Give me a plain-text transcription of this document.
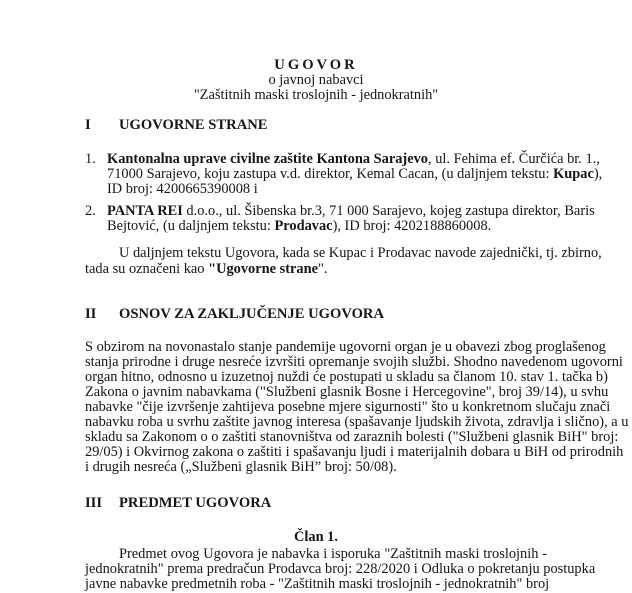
UGOVOR
o javnoj nabavci
"Zaštitnih maski troslojnih - jednokratnih"
I UGOVORNE STRANE
1. Kantonalna uprave civilne zaštite Kantona Sarajevo, ul. Fehima ef. Čurčića br. 1.,
71000 Sarajevo, koju zastupa v.d. direktor, Kemal Cacan, (u daljnjem tekstu: Kupac),
ID broj: 4200665390008 i
2. PANTA REI d.o.o., ul. Šibenska br.3, 71 000 Sarajevo, kojeg zastupa direktor, Baris
Bejtović, (u daljnjem tekstu: Prodavac), ID broj: 4202188860008.
U daljnjem tekstu Ugovora, kada se Kupac i Prodavac navode zajednički, tj. zbirno,
tada su označeni kao "Ugovorne strane".
II OSNOV ZA ZAKLJUČENJE UGOVORA
S obzirom na novonastalo stanje pandemije ugovorni organ je u obavezi zbog proglašenog
stanja prirodne i druge nesreće izvršiti opremanje svojih službi. Shodno navedenom ugovorni
organ hitno, odnosno u izuzetnoj nuždi će postupati u skladu sa članom 10. stav 1. tačka b)
Zakona o javnim nabavkama ("Službeni glasnik Bosne i Hercegovine", broj 39/14), u svhu
nabavke "čije izvršenje zahtijeva posebne mjere sigurnosti" što u konkretnom slučaju znači
nabavku roba u svrhu zaštite javnog interesa (spašavanje ljudskih života, zdravlja i slično), a u
skladu sa Zakonom o o zaštiti stanovništva od zaraznih bolesti ("Službeni glasnik BiH" broj:
29/05) i Okvirnog zakona o zaštiti i spašavanju ljudi i materijalnih dobara u BiH od prirodnih
i drugih nesreća („Službeni glasnik BiH” broj: 50/08).
III PREDMET UGOVORA
Član 1.
Predmet ovog Ugovora je nabavka i isporuka "Zaštitnih maski troslojnih -
jednokratnih" prema predračun Prodavca broj: 228/2020 i Odluka o pokretanju postupka
javne nabavke predmetnih roba - "Zaštitnih maski troslojnih - jednokratnih" broj
